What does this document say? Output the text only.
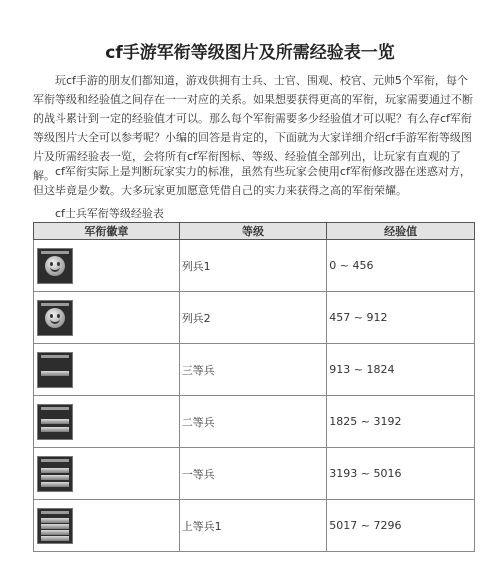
cf手游军衔等级图片及所需经验表一览

玩cf手游的朋友们都知道，游戏供拥有士兵、士官、围观、校官、元帅5个军衔，每个军衔等级和经验值之间存在一一对应的关系。如果想要获得更高的军衔，玩家需要通过不断的战斗累计到一定的经验值才可以。那么每个军衔需要多少经验值才可以呢？有么存cf军衔等级图片大全可以参考呢？小编的回答是肯定的，下面就为大家详细介绍cf手游军衔等级图片及所需经验表一览，会将所有cf军衔图标、等级、经验值全部列出，让玩家有直观的了解。 cf军衔实际上是判断玩家实力的标准，虽然有些玩家会使用cf军衔修改器在迷惑对方，但这毕竟是少数。大多玩家更加愿意凭借自己的实力来获得之高的军衔荣耀。

cf士兵军衔等级经验表
军衔徽章	等级	经验值

	列兵1	0 ~ 456

	列兵2	457 ~ 912

	三等兵	913 ~ 1824

	二等兵	1825 ~ 3192

	一等兵	3193 ~ 5016

	上等兵1	5017 ~ 7296
